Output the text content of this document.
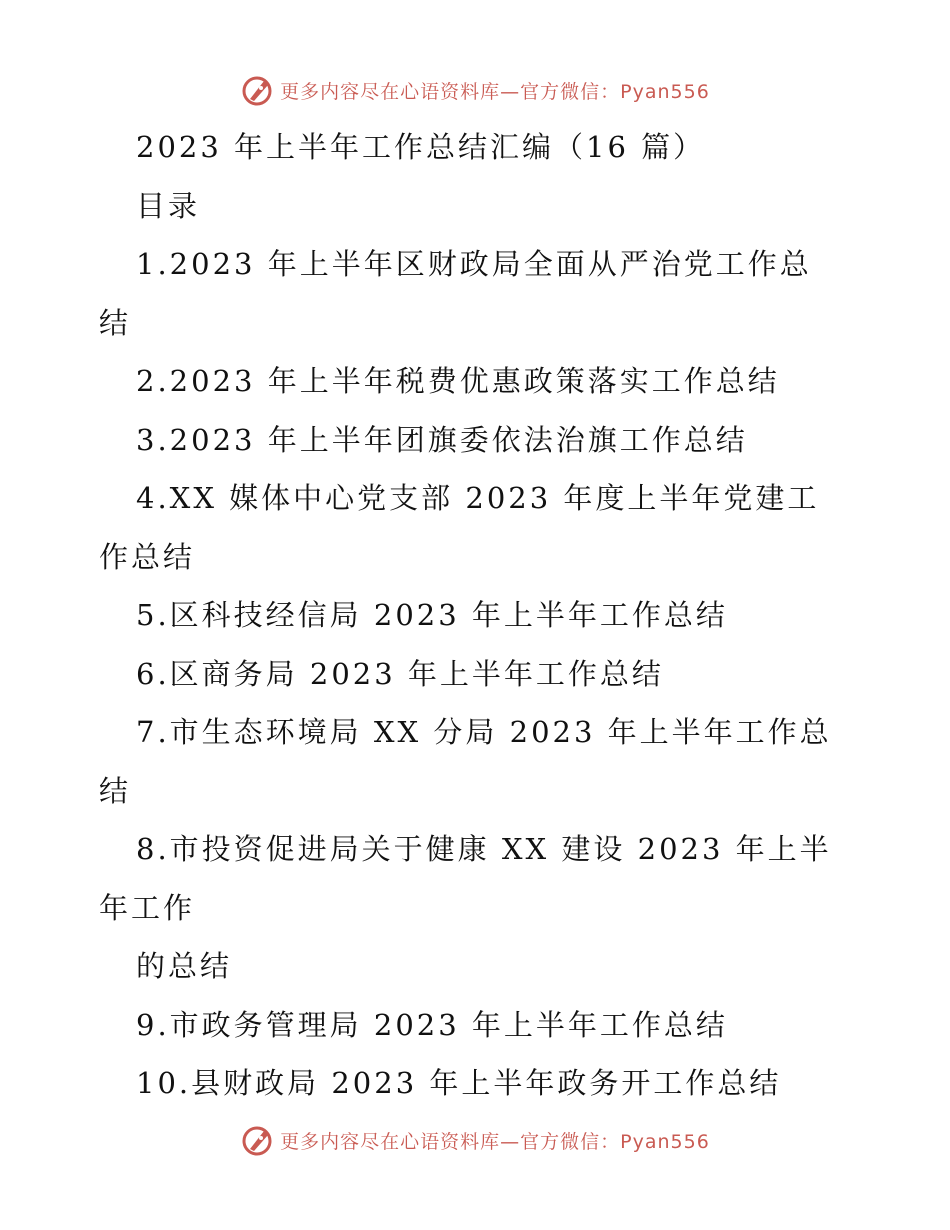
更多内容尽在心语资料库—官方微信：Pyan556
2023 年上半年工作总结汇编（16 篇）
目录
1.2023 年上半年区财政局全面从严治党工作总
结
2.2023 年上半年税费优惠政策落实工作总结
3.2023 年上半年团旗委依法治旗工作总结
4.XX 媒体中心党支部 2023 年度上半年党建工
作总结
5.区科技经信局 2023 年上半年工作总结
6.区商务局 2023 年上半年工作总结
7.市生态环境局 XX 分局 2023 年上半年工作总
结
8.市投资促进局关于健康 XX 建设 2023 年上半
年工作
的总结
9.市政务管理局 2023 年上半年工作总结
10.县财政局 2023 年上半年政务开工作总结
更多内容尽在心语资料库—官方微信：Pyan556
